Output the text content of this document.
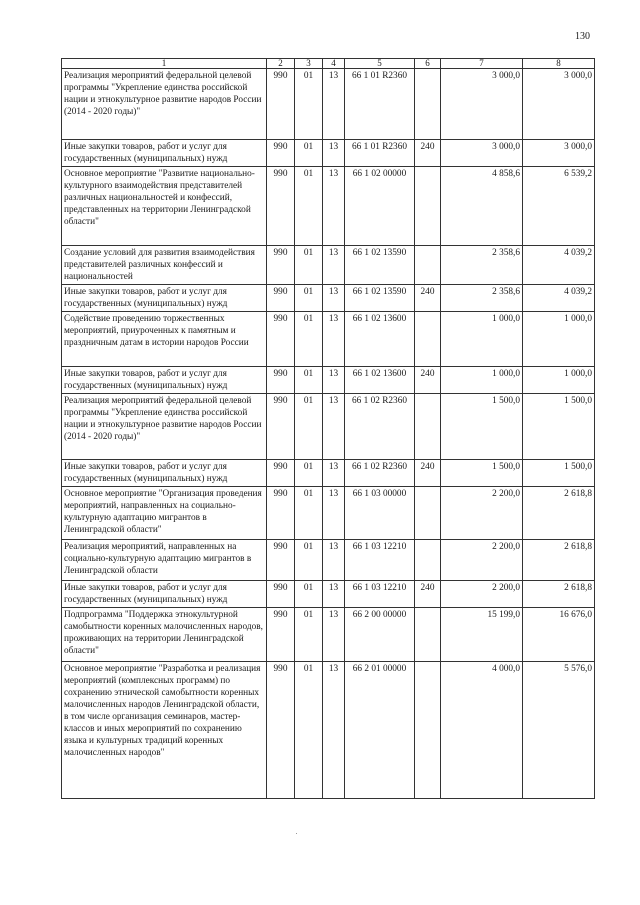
130
1	2	3	4	5	6	7	8
Реализация мероприятий федеральной целевой программы "Укрепление единства российской нации и этнокультурное развитие народов России (2014 - 2020 годы)"	990	01	13	66 1 01 R2360		3 000,0	3 000,0
Иные закупки товаров, работ и услуг для государственных (муниципальных) нужд	990	01	13	66 1 01 R2360	240	3 000,0	3 000,0
Основное мероприятие "Развитие национально-культурного взаимодействия представителей различных национальностей и конфессий, представленных на территории Ленинградской области"	990	01	13	66 1 02 00000		4 858,6	6 539,2
Создание условий для развития взаимодействия представителей различных конфессий и национальностей	990	01	13	66 1 02 13590		2 358,6	4 039,2
Иные закупки товаров, работ и услуг для государственных (муниципальных) нужд	990	01	13	66 1 02 13590	240	2 358,6	4 039,2
Содействие проведению торжественных мероприятий, приуроченных к памятным и праздничным датам в истории народов России	990	01	13	66 1 02 13600		1 000,0	1 000,0
Иные закупки товаров, работ и услуг для государственных (муниципальных) нужд	990	01	13	66 1 02 13600	240	1 000,0	1 000,0
Реализация мероприятий федеральной целевой программы "Укрепление единства российской нации и этнокультурное развитие народов России (2014 - 2020 годы)"	990	01	13	66 1 02 R2360		1 500,0	1 500,0
Иные закупки товаров, работ и услуг для государственных (муниципальных) нужд	990	01	13	66 1 02 R2360	240	1 500,0	1 500,0
Основное мероприятие "Организация проведения мероприятий, направленных на социально-культурную адаптацию мигрантов в Ленинградской области"	990	01	13	66 1 03 00000		2 200,0	2 618,8
Реализация мероприятий, направленных на социально-культурную адаптацию мигрантов в Ленинградской области	990	01	13	66 1 03 12210		2 200,0	2 618,8
Иные закупки товаров, работ и услуг для государственных (муниципальных) нужд	990	01	13	66 1 03 12210	240	2 200,0	2 618,8
Подпрограмма "Поддержка этнокультурной самобытности коренных малочисленных народов, проживающих на территории Ленинградской области"	990	01	13	66 2 00 00000		15 199,0	16 676,0
Основное мероприятие "Разработка и реализация мероприятий (комплексных программ) по сохранению этнической самобытности коренных малочисленных народов Ленинградской области, в том числе организация семинаров, мастер-классов и иных мероприятий по сохранению языка и культурных традиций коренных малочисленных народов"	990	01	13	66 2 01 00000		4 000,0	5 576,0
